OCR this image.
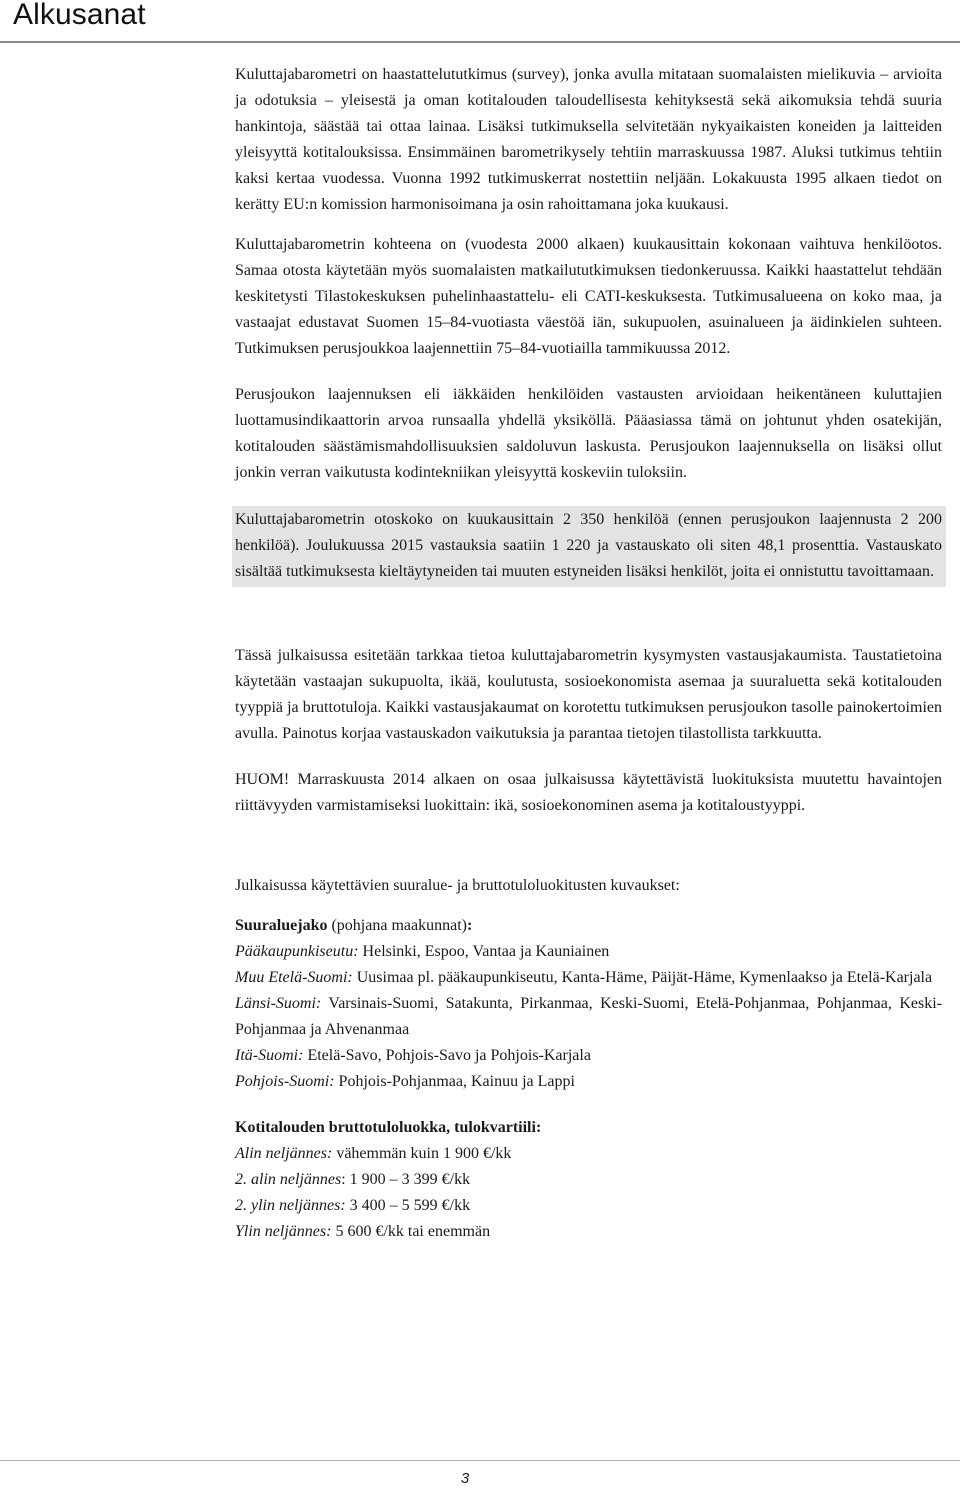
Alkusanat

Kuluttajabarometri on haastattelututkimus (survey), jonka avulla mitataan suomalaisten mielikuvia – arvioita ja odotuksia – yleisestä ja oman kotitalouden taloudellisesta kehityksestä sekä aikomuksia tehdä suuria hankintoja, säästää tai ottaa lainaa. Lisäksi tutkimuksella selvitetään nykyaikaisten koneiden ja laitteiden yleisyyttä kotitalouksissa. Ensimmäinen barometrikysely tehtiin marraskuussa 1987. Aluksi tutkimus tehtiin kaksi kertaa vuodessa. Vuonna 1992 tutkimuskerrat nostettiin neljään. Lokakuusta 1995 alkaen tiedot on kerätty EU:n komission harmonisoimana ja osin rahoittamana joka kuukausi.

Kuluttajabarometrin kohteena on (vuodesta 2000 alkaen) kuukausittain kokonaan vaihtuva henkilöotos. Samaa otosta käytetään myös suomalaisten matkailututkimuksen tiedonkeruussa. Kaikki haastattelut tehdään keskitetysti Tilastokeskuksen puhelinhaastattelu- eli CATI-keskuksesta. Tutkimusalueena on koko maa, ja vastaajat edustavat Suomen 15–84-vuotiasta väestöä iän, sukupuolen, asuinalueen ja äidinkielen suhteen. Tutkimuksen perusjoukkoa laajennettiin 75–84-vuotiailla tammikuussa 2012.

Perusjoukon laajennuksen eli iäkkäiden henkilöiden vastausten arvioidaan heikentäneen kuluttajien luottamusindikaattorin arvoa runsaalla yhdellä yksiköllä. Pääasiassa tämä on johtunut yhden osatekijän, kotitalouden säästämismahdollisuuksien saldoluvun laskusta. Perusjoukon laajennuksella on lisäksi ollut jonkin verran vaikutusta kodintekniikan yleisyyttä koskeviin tuloksiin.

Kuluttajabarometrin otoskoko on kuukausittain 2 350 henkilöä (ennen perusjoukon laajennusta 2 200 henkilöä). Joulukuussa 2015 vastauksia saatiin 1 220 ja vastauskato oli siten 48,1 prosenttia. Vastauskato sisältää tutkimuksesta kieltäytyneiden tai muuten estyneiden lisäksi henkilöt, joita ei onnistuttu tavoittamaan.

Tässä julkaisussa esitetään tarkkaa tietoa kuluttajabarometrin kysymysten vastausjakaumista. Taustatietoina käytetään vastaajan sukupuolta, ikää, koulutusta, sosioekonomista asemaa ja suuraluetta sekä kotitalouden tyyppiä ja bruttotuloja. Kaikki vastausjakaumat on korotettu tutkimuksen perusjoukon tasolle painokertoimien avulla. Painotus korjaa vastauskadon vaikutuksia ja parantaa tietojen tilastollista tarkkuutta.

HUOM! Marraskuusta 2014 alkaen on osaa julkaisussa käytettävistä luokituksista muutettu havaintojen riittävyyden varmistamiseksi luokittain: ikä, sosioekonominen asema ja kotitaloustyyppi.

Julkaisussa käytettävien suuralue- ja bruttotuloluokitusten kuvaukset:

Suuraluejako (pohjana maakunnat):

Pääkaupunkiseutu: Helsinki, Espoo, Vantaa ja Kauniainen

Muu Etelä-Suomi: Uusimaa pl. pääkaupunkiseutu, Kanta-Häme, Päijät-Häme, Kymenlaakso ja Etelä-Karjala

Länsi-Suomi: Varsinais-Suomi, Satakunta, Pirkanmaa, Keski-Suomi, Etelä-Pohjanmaa, Pohjanmaa, Keski-Pohjanmaa ja Ahvenanmaa

Itä-Suomi: Etelä-Savo, Pohjois-Savo ja Pohjois-Karjala

Pohjois-Suomi: Pohjois-Pohjanmaa, Kainuu ja Lappi

Kotitalouden bruttotuloluokka, tulokvartiili:

Alin neljännes: vähemmän kuin 1 900 €/kk

2. alin neljännes: 1 900 – 3 399 €/kk

2. ylin neljännes: 3 400 – 5 599 €/kk

Ylin neljännes: 5 600 €/kk tai enemmän

3
